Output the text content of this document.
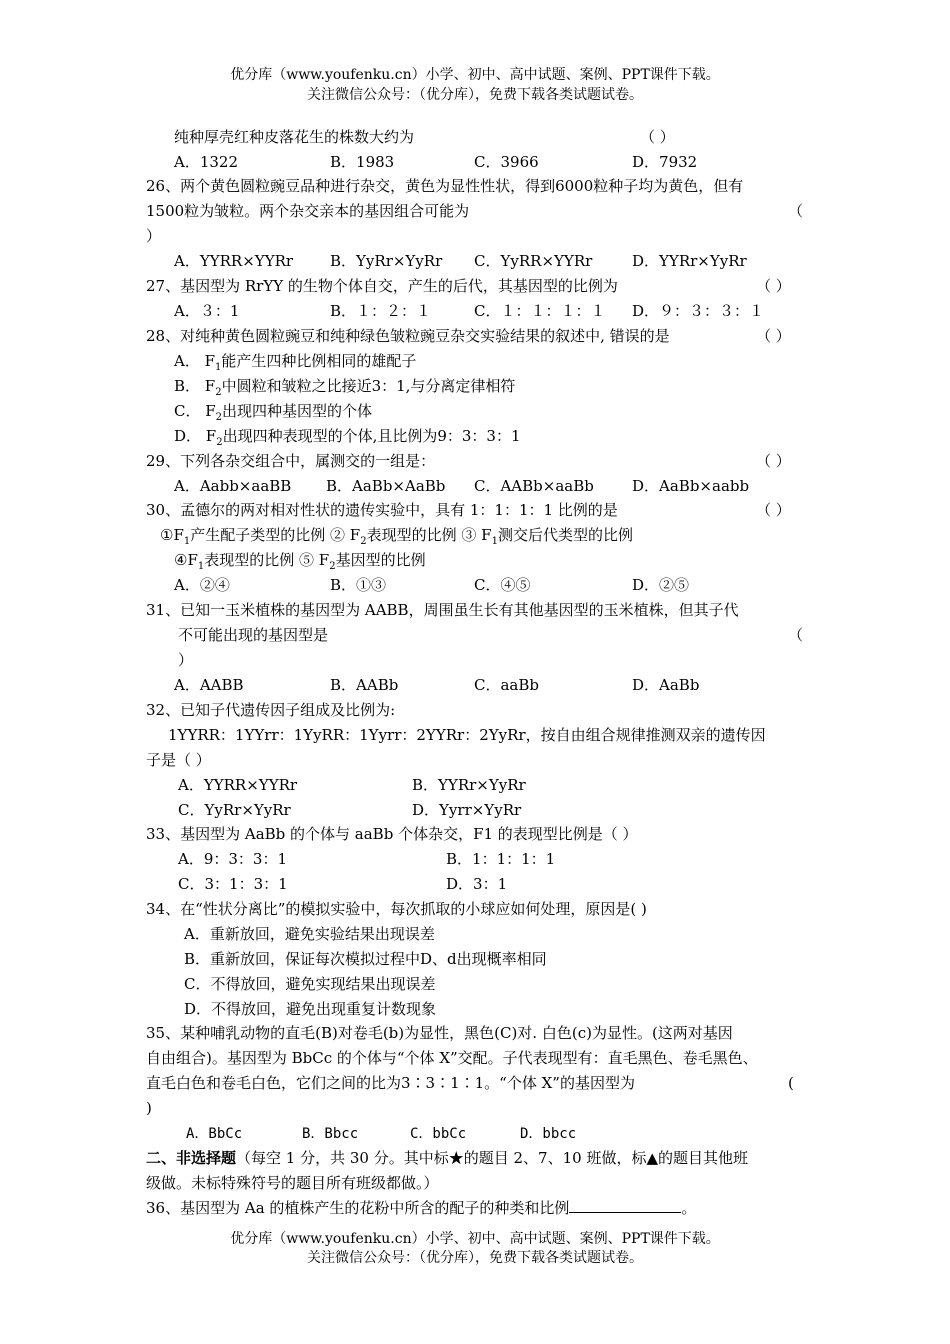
优分库（www.youfenku.cn）小学、初中、高中试题、案例、PPT课件下载。
关注微信公众号：（优分库），免费下载各类试题试卷。
纯种厚壳红种皮落花生的株数大约为	（ ）
A．1322	B．1983	C．3966	D．7932
26、两个黄色圆粒豌豆品种进行杂交，黄色为显性性状，得到6000粒种子均为黄色，但有
1500粒为皱粒。两个杂交亲本的基因组合可能为	（
）
A．YYRR×YYRr B．YyRr×YyRr C．YyRR×YYRr	D．YYRr×YyRr
27、基因型为 RrYY 的生物个体自交，产生的后代，其基因型的比例为	（ ）
A．３：1	B．１：２：１	C．１：１：１：１ D．９：３：３：１
28、对纯种黄色圆粒豌豆和纯种绿色皱粒豌豆杂交实验结果的叙述中, 错误的是	（ ）
A． $F_1$能产生四种比例相同的雄配子
B． $F_2$中圆粒和皱粒之比接近3：1,与分离定律相符
C． $F_2$出现四种基因型的个体
D． $F_2$出现四种表现型的个体,且比例为9：3：3：1
29、下列各杂交组合中，属测交的一组是：	（ ）
A．Aabb×aaBB B．AaBb×AaBb C．AABb×aaBb	D．AaBb×aabb
30、孟德尔的两对相对性状的遗传实验中，具有 1：1：1：1 比例的是	（ ）
$①F_1$产生配子类型的比例 ② $F_2$表现型的比例 ③ $F_1$测交后代类型的比例
$④F_1$表现型的比例 ⑤ $F_2$基因型的比例
A．②④	B．①③	C．④⑤	D．②⑤
31、已知一玉米植株的基因型为 AABB，周围虽生长有其他基因型的玉米植株，但其子代
不可能出现的基因型是	（
）
A．AABB	B．AABb	C．aaBb	D．AaBb
32、已知子代遗传因子组成及比例为:
1YYRR：1YYrr：1YyRR：1Yyrr：2YYRr：2YyRr，按自由组合规律推测双亲的遗传因
子是（ ）
A．YYRR×YYRr	B．YYRr×YyRr
C．YyRr×YyRr	D．Yyrr×YyRr
33、基因型为 AaBb 的个体与 aaBb 个体杂交，F1 的表现型比例是（ ）
A．9：3：3：1	B．1：1：1：1
C．3：1：3：1	D．3：1
34、在“性状分离比”的模拟实验中，每次抓取的小球应如何处理，原因是( )
A．重新放回，避免实验结果出现误差
B．重新放回，保证每次模拟过程中D、d出现概率相同
C．不得放回，避免实现结果出现误差
D．不得放回，避免出现重复计数现象
35、某种哺乳动物的直毛(B)对卷毛(b)为显性，黑色(C)对. 白色(c)为显性。(这两对基因
自由组合)。基因型为 BbCc 的个体与“个体 X”交配。子代表现型有：直毛黑色、卷毛黑色、
直毛白色和卷毛白色，它们之间的比为3∶3∶1∶1。“个体 X”的基因型为	(
)
A．BbCc	B．Bbcc	C．bbCc	D．bbcc
二、非选择题（每空 1 分，共 30 分。其中标★的题目 2、7、10 班做，标▲的题目其他班
级做。未标特殊符号的题目所有班级都做。）
36、基因型为 Aa 的植株产生的花粉中所含的配子的种类和比例	。
优分库（www.youfenku.cn）小学、初中、高中试题、案例、PPT课件下载。
关注微信公众号：（优分库），免费下载各类试题试卷。
